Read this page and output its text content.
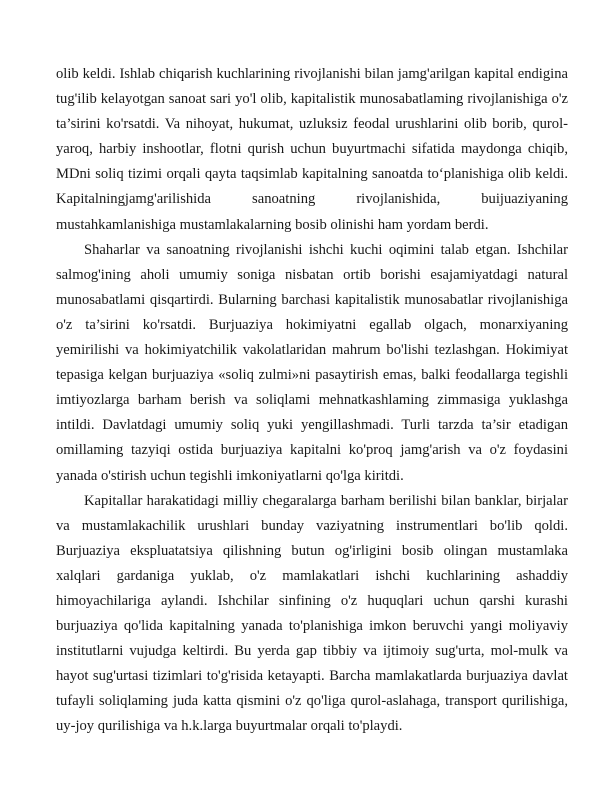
olib keldi. Ishlab chiqarish kuchlarining rivojlanishi bilan jamg'arilgan kapital endigina tug'ilib kelayotgan sanoat sari yo'l olib, kapitalistik munosabatlaming rivojlanishiga o'z ta’sirini ko'rsatdi. Va nihoyat, hukumat, uzluksiz feodal urushlarini olib borib, qurol-yaroq, harbiy inshootlar, flotni qurish uchun buyurtmachi sifatida maydonga chiqib, MDni soliq tizimi orqali qayta taqsimlab kapitalning sanoatda to‘planishiga olib keldi. Kapitalningjamg'arilishida sanoatning rivojlanishida, buijuaziyaning mustahkamlanishiga mustamlakalarning bosib olinishi ham yordam berdi.

Shaharlar va sanoatning rivojlanishi ishchi kuchi oqimini talab etgan. Ishchilar salmog'ining aholi umumiy soniga nisbatan ortib borishi esajamiyatdagi natural munosabatlami qisqartirdi. Bularning barchasi kapitalistik munosabatlar rivojlanishiga o'z ta’sirini ko'rsatdi. Burjuaziya hokimiyatni egallab olgach, monarxiyaning yemirilishi va hokimiyatchilik vakolatlaridan mahrum bo'lishi tezlashgan. Hokimiyat tepasiga kelgan burjuaziya «soliq zulmi»ni pasaytirish emas, balki feodallarga tegishli imtiyozlarga barham berish va soliqlami mehnatkashlaming zimmasiga yuklashga intildi. Davlatdagi umumiy soliq yuki yengillashmadi. Turli tarzda ta’sir etadigan omillaming tazyiqi ostida burjuaziya kapitalni ko'proq jamg'arish va o'z foydasini yanada o'stirish uchun tegishli imkoniyatlarni qo'lga kiritdi.

Kapitallar harakatidagi milliy chegaralarga barham berilishi bilan banklar, birjalar va mustamlakachilik urushlari bunday vaziyatning instrumentlari bo'lib qoldi. Burjuaziya ekspluatatsiya qilishning butun og'irligini bosib olingan mustamlaka xalqlari gardaniga yuklab, o'z mamlakatlari ishchi kuchlarining ashaddiy himoyachilariga aylandi. Ishchilar sinfining o'z huquqlari uchun qarshi kurashi burjuaziya qo'lida kapitalning yanada to'planishiga imkon beruvchi yangi moliyaviy institutlarni vujudga keltirdi. Bu yerda gap tibbiy va ijtimoiy sug'urta, mol-mulk va hayot sug'urtasi tizimlari to'g'risida ketayapti. Barcha mamlakatlarda burjuaziya davlat tufayli soliqlaming juda katta qismini o'z qo'liga qurol-aslahaga, transport qurilishiga, uy-joy qurilishiga va h.k.larga buyurtmalar orqali to'playdi.
